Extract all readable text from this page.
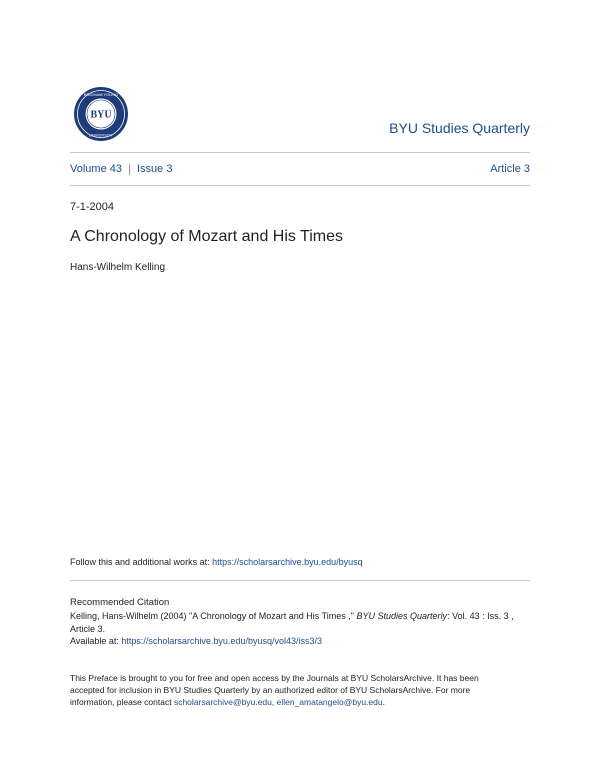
BYU
BRIGHAM YOUNG
UNIVERSITY	BYU Studies Quarterly
Volume 43 Issue 3	Article 3
7-1-2004
A Chronology of Mozart and His Times
Hans-Wilhelm Kelling
Follow this and additional works at: https://scholarsarchive.byu.edu/byusq
Recommended Citation
Kelling, Hans-Wilhelm (2004) "A Chronology of Mozart and His Times ," BYU Studies Quarterly: Vol. 43 : Iss. 3 , Article 3.
Available at: https://scholarsarchive.byu.edu/byusq/vol43/iss3/3
This Preface is brought to you for free and open access by the Journals at BYU ScholarsArchive. It has been accepted for inclusion in BYU Studies Quarterly by an authorized editor of BYU ScholarsArchive. For more information, please contact scholarsarchive@byu.edu, ellen_amatangelo@byu.edu.
